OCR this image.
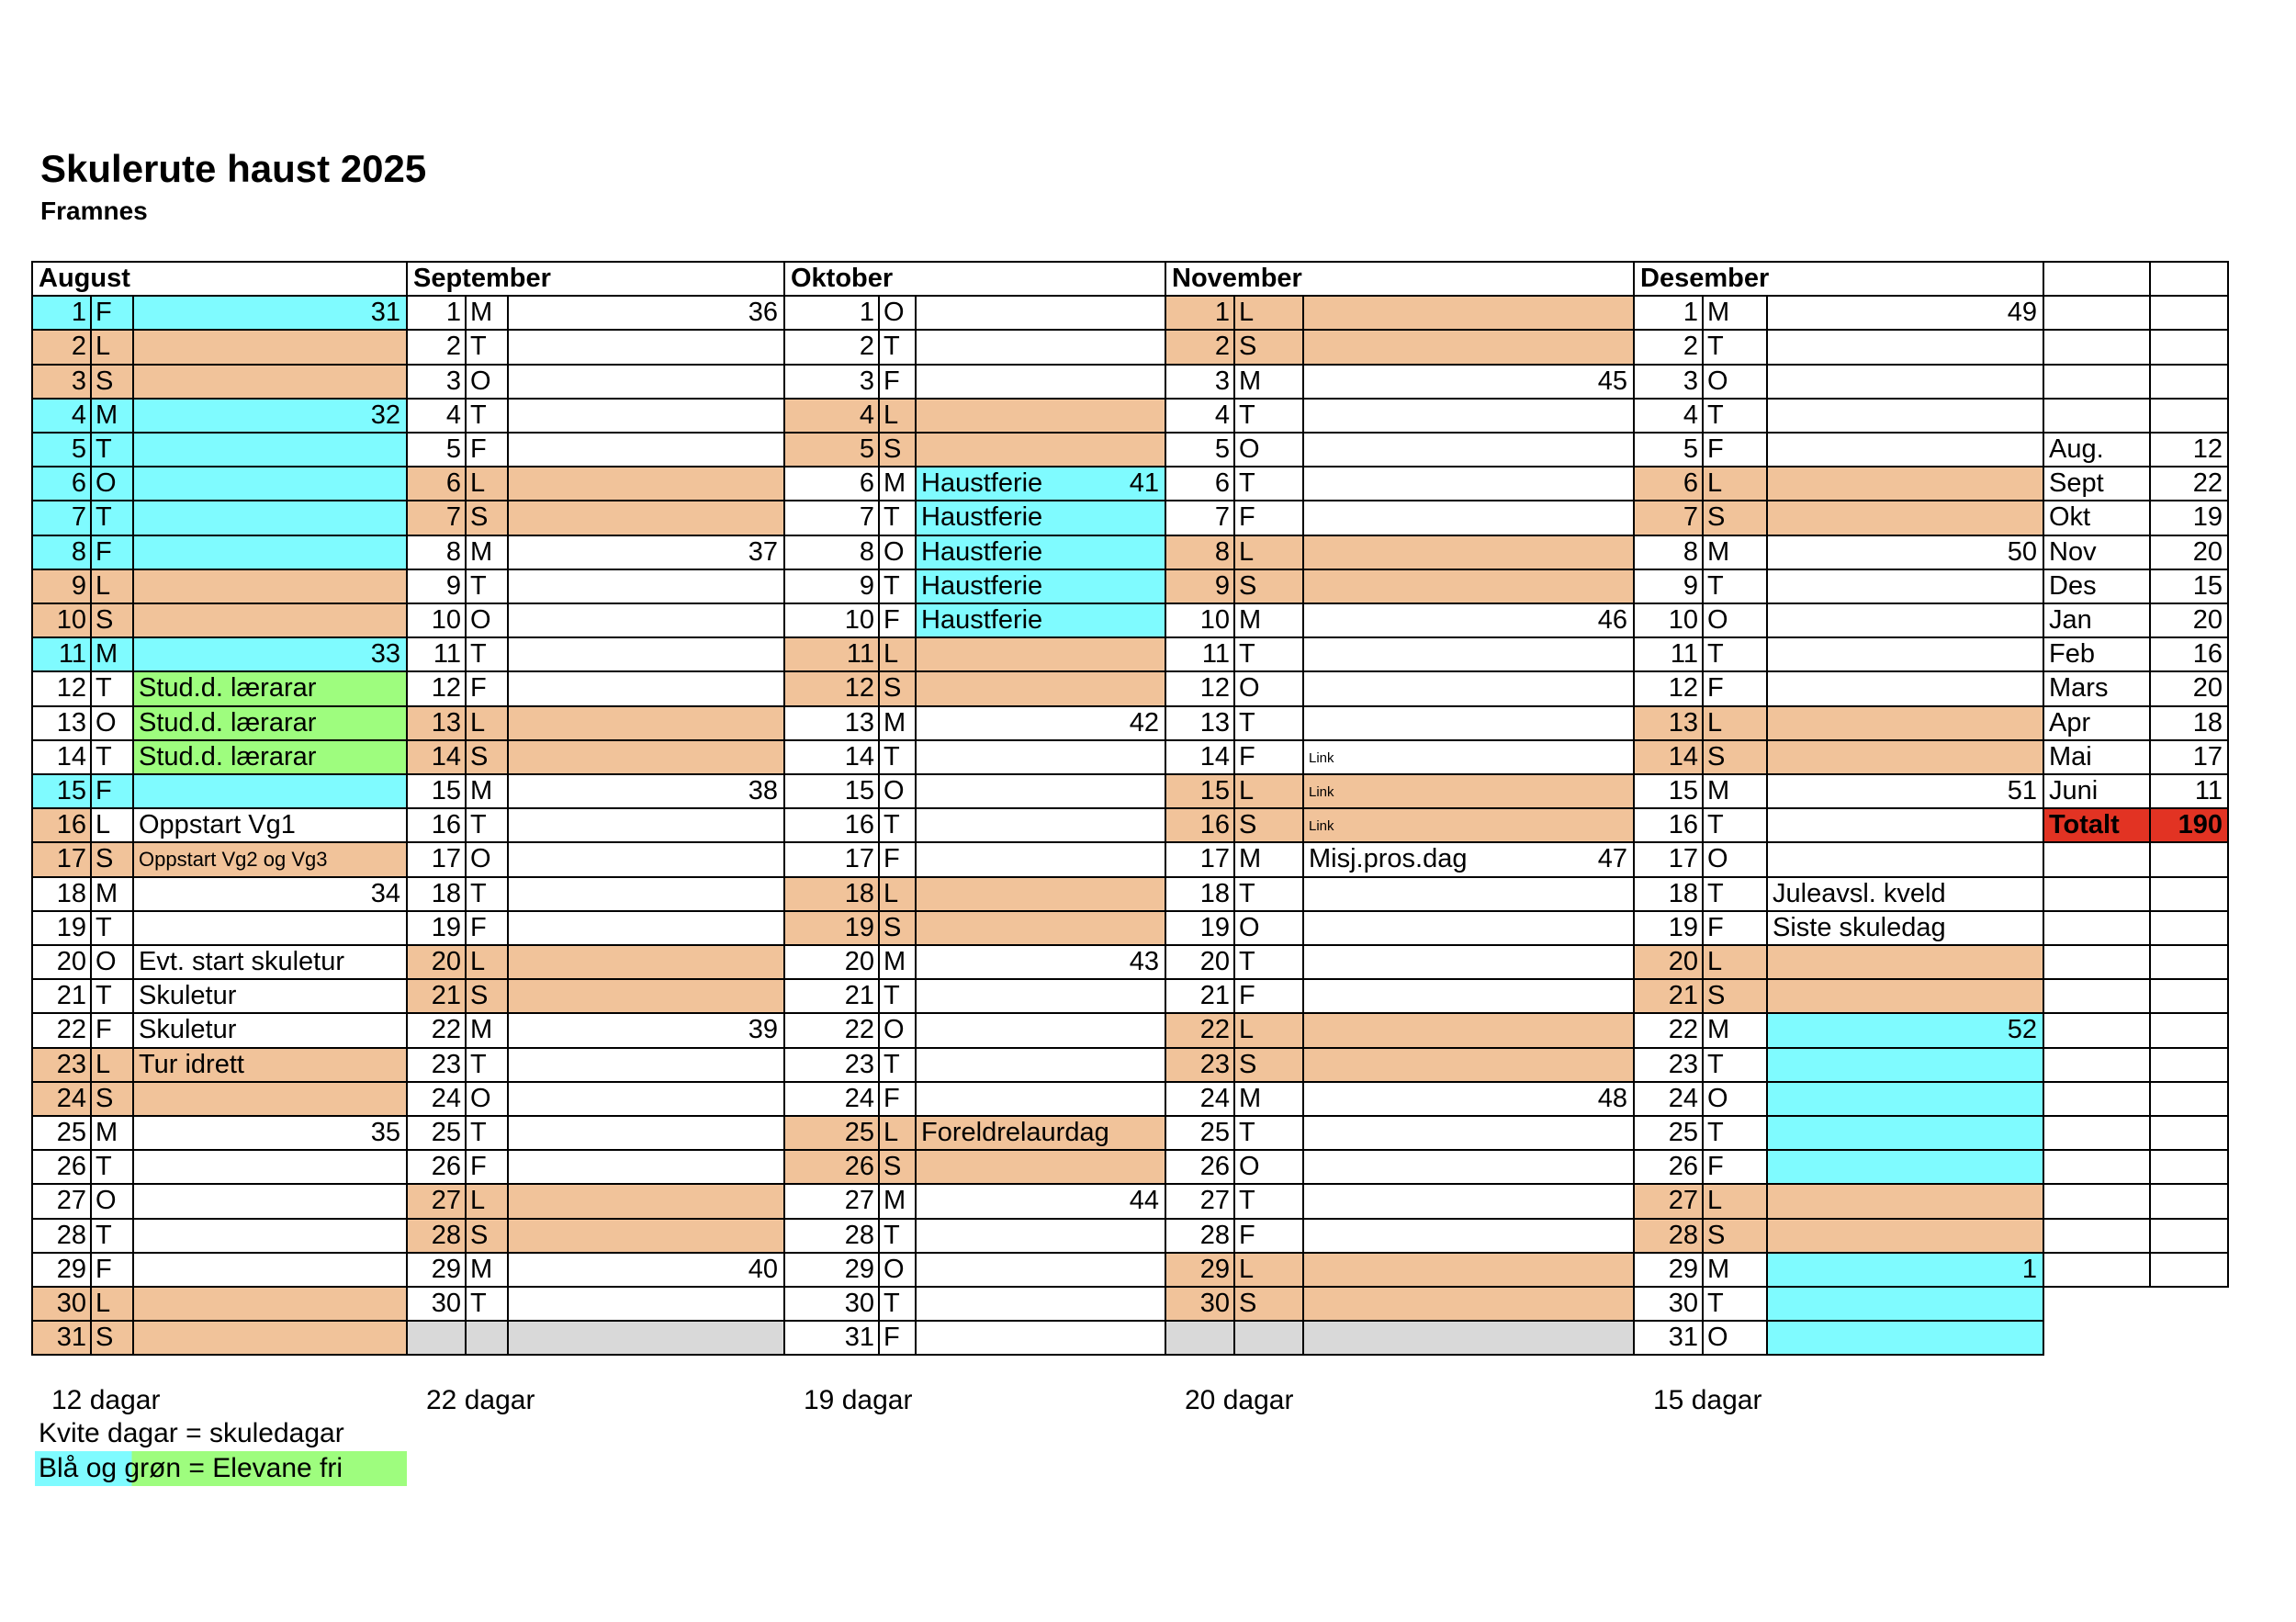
Skulerute haust 2025
Framnes
August
1 F	31
2 L
3 S
4 M	32
5 T
6 O
7 T
8 F
9 L
10 S
11 M	33
12 T	Stud.d. lærarar
13 O Stud.d. lærarar
14 T	Stud.d. lærarar
15 F
16 L	Oppstart Vg1
17 S	Oppstart Vg2 og Vg3
18 M	34
19 T
20 O Evt. start skuletur
21 T	Skuletur
22 F	Skuletur
23 L	Tur idrett
24 S
25 M	35
26 T
27 O
28 T
29 F
30 L
31 S
12 dagar
September
1 M	36
2 T
3 O
4 T
5 F
6 L
7 S
8 M	37
9 T
10 O
11 T
12 F
13 L
14 S
15 M	38
16 T
17 O
18 T
19 F
20 L
21 S
22 M	39
23 T
24 O
25 T
26 F
27 L
28 S
29 M	40
30 T
22 dagar
Oktober
1 O
2 T
3 F
4 L
5 S
6 M Haustferie	41
7 T Haustferie
8 O Haustferie
9 T Haustferie
10 F Haustferie
11 L
12 S
13 M	42
14 T
15 O
16 T
17 F
18 L
19 S
20 M	43
21 T
22 O
23 T
24 F
25 L Foreldrelaurdag
26 S
27 M	44
28 T
29 O
30 T
31 F
19 dagar
November
1 L
2 S
3 M	45
4 T
5 O
6 T
7 F
8 L
9 S
10 M	46
11 T
12 O
13 T
14 F	Link
15 L	Link
16 S	Link
17 M	Misj.pros.dag	47
18 T
19 O
20 T
21 F
22 L
23 S
24 M	48
25 T
26 O
27 T
28 F
29 L
30 S
20 dagar
Desember
1 M	49
2 T
3 O
4 T
5 F
6 L
7 S
8 M	50
9 T
10 O
11 T
12 F
13 L
14 S
15 M	51
16 T
17 O
18 T	Juleavsl. kveld
19 F	Siste skuledag
20 L
21 S
22 M	52
23 T
24 O
25 T
26 F
27 L
28 S
29 M	1
30 T
31 O
15 dagar
Aug.	12
Sept	22
Okt	19
Nov	20
Des	15
Jan	20
Feb	16
Mars	20
Apr	18
Mai	17
Juni	11
Totalt	190
Kvite dagar = skuledagar
Blå og grøn = Elevane fri
